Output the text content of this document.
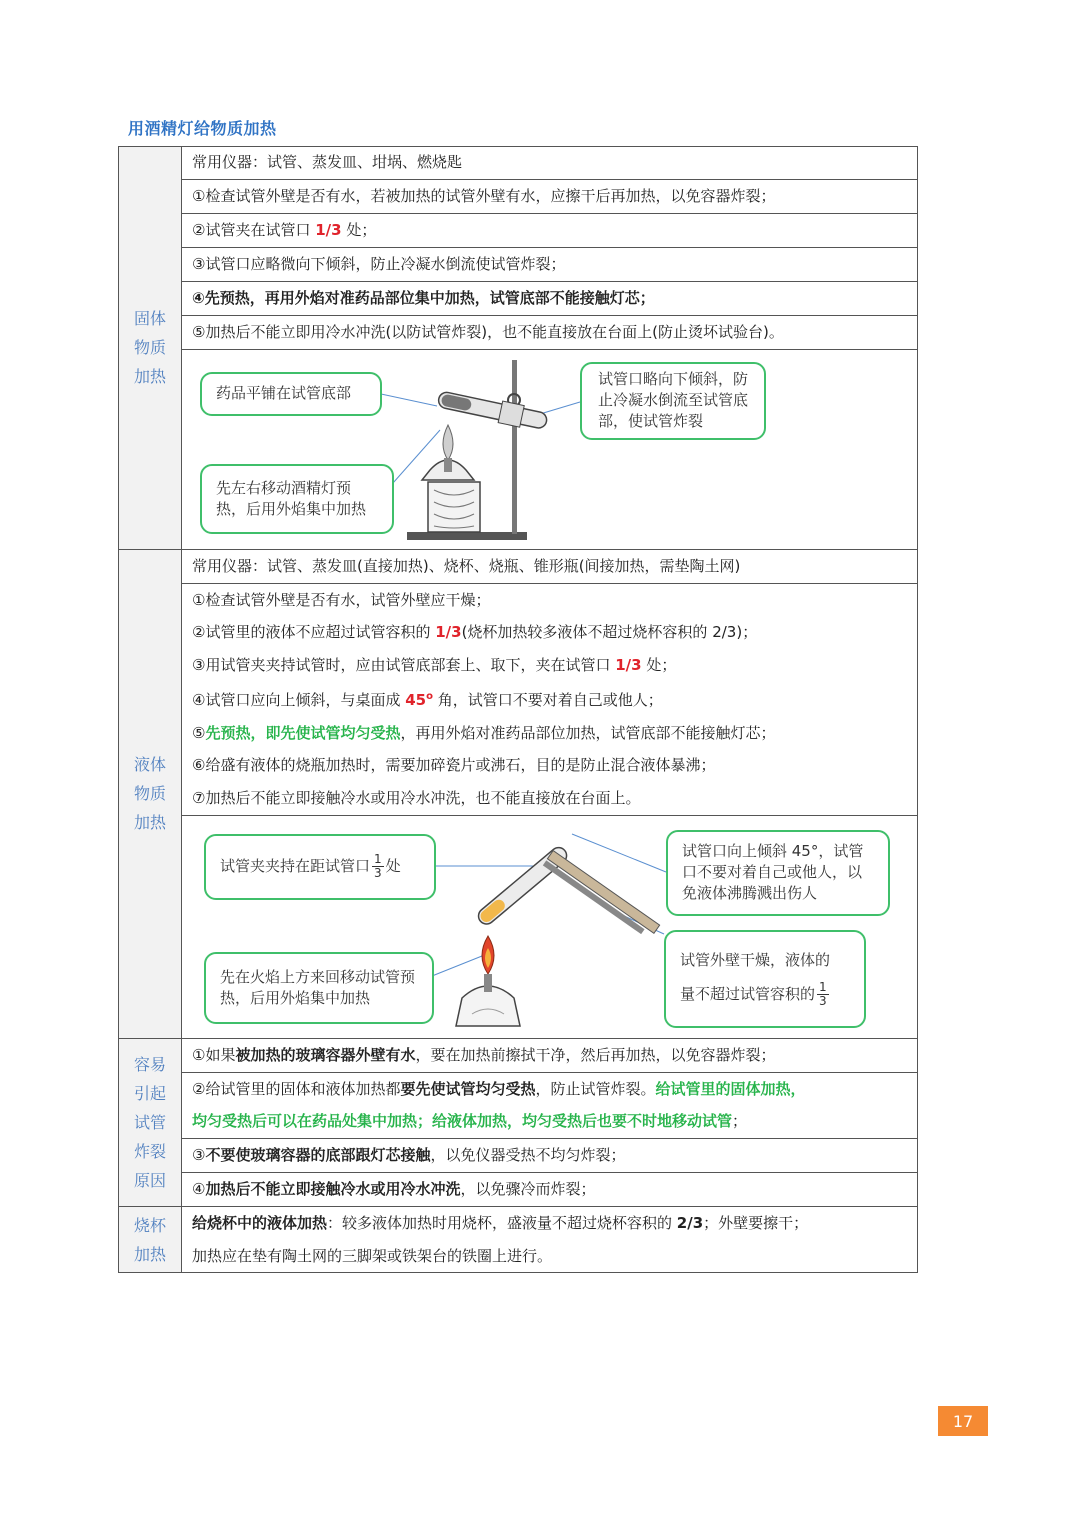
用酒精灯给物质加热
固体
物质
加热
常用仪器：试管、蒸发皿、坩埚、燃烧匙
①检查试管外壁是否有水，若被加热的试管外壁有水，应擦干后再加热，以免容器炸裂；
②试管夹在试管口 1/3 处；
③试管口应略微向下倾斜，防止冷凝水倒流使试管炸裂；
④先预热，再用外焰对准药品部位集中加热，试管底部不能接触灯芯；
⑤加热后不能立即用冷水冲洗(以防试管炸裂)，也不能直接放在台面上(防止烫坏试验台)。
药品平铺在试管底部
先左右移动酒精灯预热，后用外焰集中加热
试管口略向下倾斜，防止冷凝水倒流至试管底部，使试管炸裂
液体
物质
加热
常用仪器：试管、蒸发皿(直接加热)、烧杯、烧瓶、锥形瓶(间接加热，需垫陶土网)
①检查试管外壁是否有水，试管外壁应干燥；
②试管里的液体不应超过试管容积的 1/3(烧杯加热较多液体不超过烧杯容积的 2/3)；
③用试管夹夹持试管时，应由试管底部套上、取下，夹在试管口 1/3 处；
④试管口应向上倾斜，与桌面成 45$^o$ 角，试管口不要对着自己或他人；
⑤先预热，即先使试管均匀受热，再用外焰对准药品部位加热，试管底部不能接触灯芯；
⑥给盛有液体的烧瓶加热时，需要加碎瓷片或沸石，目的是防止混合液体暴沸；
⑦加热后不能立即接触冷水或用冷水冲洗，也不能直接放在台面上。
试管夹夹持在距试管口 $\frac{1}{3}$ 处
先在火焰上方来回移动试管预热，后用外焰集中加热
试管口向上倾斜 45°，试管口不要对着自己或他人，以免液体沸腾溅出伤人
试管外壁干燥，液体的
量不超过试管容积的 $\frac{1}{3}$
容易
引起
试管
炸裂
原因
①如果被加热的玻璃容器外壁有水，要在加热前擦拭干净，然后再加热，以免容器炸裂；
②给试管里的固体和液体加热都要先使试管均匀受热，防止试管炸裂。给试管里的固体加热，
均匀受热后可以在药品处集中加热；给液体加热，均匀受热后也要不时地移动试管；
③不要使玻璃容器的底部跟灯芯接触，以免仪器受热不均匀炸裂；
④加热后不能立即接触冷水或用冷水冲洗，以免骤冷而炸裂；
烧杯
加热
给烧杯中的液体加热：较多液体加热时用烧杯，盛液量不超过烧杯容积的 2/3；外壁要擦干；
加热应在垫有陶土网的三脚架或铁架台的铁圈上进行。
17
